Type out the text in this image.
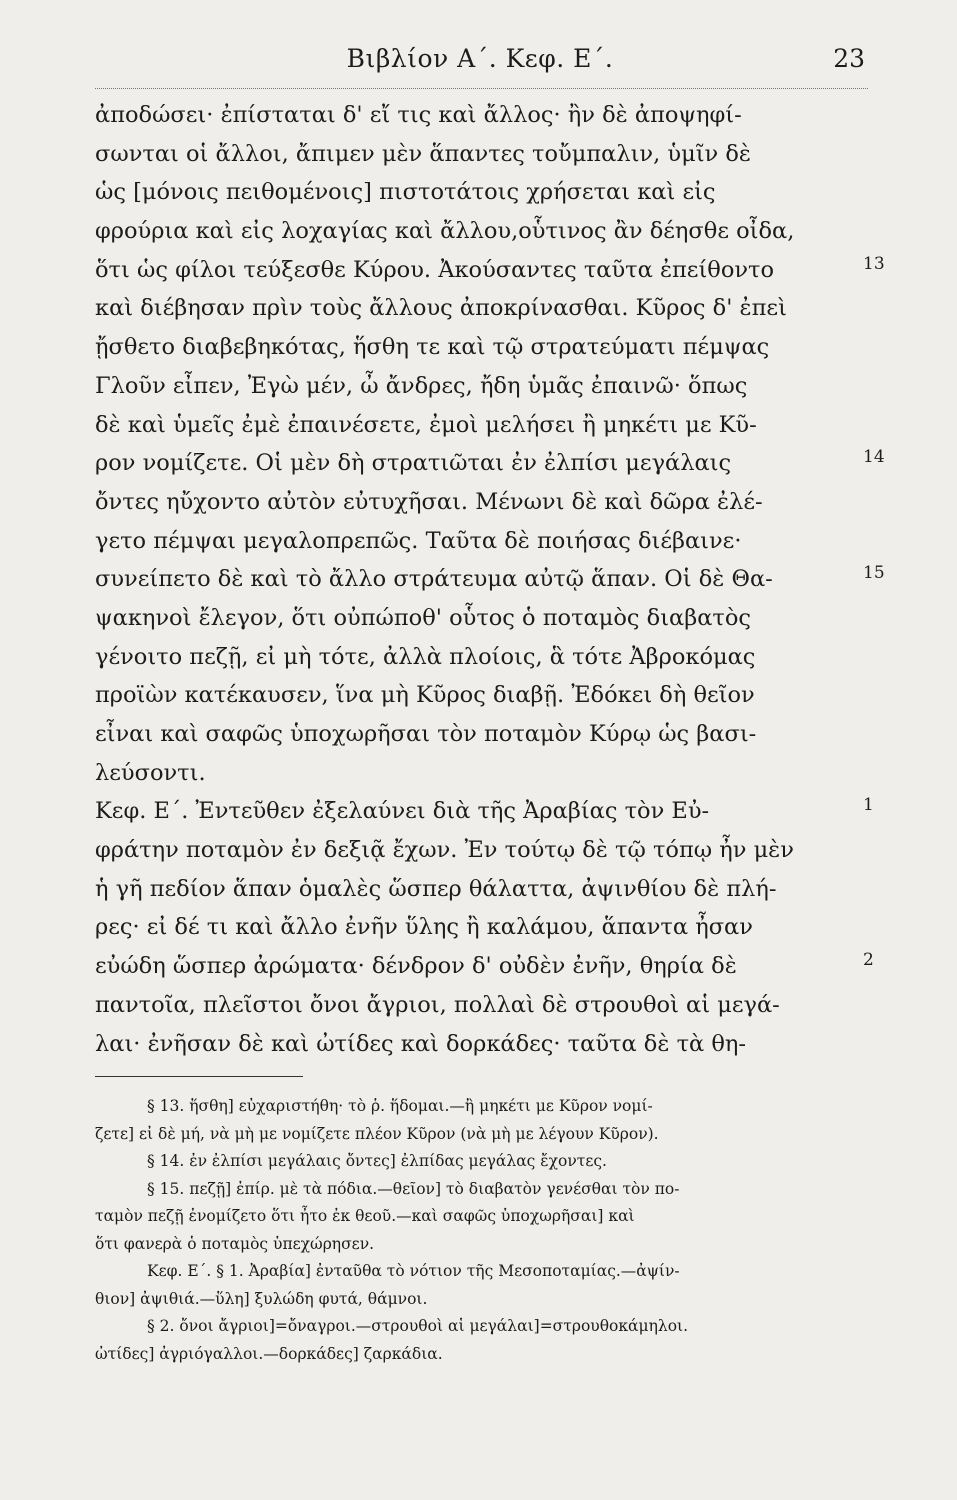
Βιβλίον Α΄. Κεφ. Ε΄.	23
ἀποδώσει· ἐπίσταται δ' εἴ τις καὶ ἄλλος· ἢν δὲ ἀποψηφί-
σωνται οἱ ἄλλοι, ἄπιμεν μὲν ἅπαντες τοὔμπαλιν, ὑμῖν δὲ
ὡς [μόνοις πειθομένοις] πιστοτάτοις χρήσεται καὶ εἰς
φρούρια καὶ εἰς λοχαγίας καὶ ἄλλου,οὗτινος ἂν δέησθε οἶδα,
ὅτι ὡς φίλοι τεύξεσθε Κύρου. Ἀκούσαντες ταῦτα ἐπείθοντο	13
καὶ διέβησαν πρὶν τοὺς ἄλλους ἀποκρίνασθαι. Κῦρος δ' ἐπεὶ
ᾔσθετο διαβεβηκότας, ἥσθη τε καὶ τῷ στρατεύματι πέμψας
Γλοῦν εἶπεν, Ἐγὼ μέν, ὦ ἄνδρες, ἤδη ὑμᾶς ἐπαινῶ· ὅπως
δὲ καὶ ὑμεῖς ἐμὲ ἐπαινέσετε, ἐμοὶ μελήσει ἢ μηκέτι με Κῦ-
ρον νομίζετε. Οἱ μὲν δὴ στρατιῶται ἐν ἐλπίσι μεγάλαις	14
ὄντες ηὔχοντο αὐτὸν εὐτυχῆσαι. Μένωνι δὲ καὶ δῶρα ἐλέ-
γετο πέμψαι μεγαλοπρεπῶς. Ταῦτα δὲ ποιήσας διέβαινε·
συνείπετο δὲ καὶ τὸ ἄλλο στράτευμα αὐτῷ ἅπαν. Οἱ δὲ Θα-	15
ψακηνοὶ ἔλεγον, ὅτι οὐπώποθ' οὗτος ὁ ποταμὸς διαβατὸς
γένοιτο πεζῇ, εἰ μὴ τότε, ἀλλὰ πλοίοις, ἃ τότε Ἀβροκόμας
προϊὼν κατέκαυσεν, ἵνα μὴ Κῦρος διαβῇ. Ἐδόκει δὴ θεῖον
εἶναι καὶ σαφῶς ὑποχωρῆσαι τὸν ποταμὸν Κύρῳ ὡς βασι-
λεύσοντι.
Κεφ. Ε΄. Ἐντεῦθεν ἐξελαύνει διὰ τῆς Ἀραβίας τὸν Εὐ-	1
φράτην ποταμὸν ἐν δεξιᾷ ἔχων. Ἐν τούτῳ δὲ τῷ τόπῳ ἦν μὲν
ἡ γῆ πεδίον ἅπαν ὁμαλὲς ὥσπερ θάλαττα, ἀψινθίου δὲ πλή-
ρες· εἰ δέ τι καὶ ἄλλο ἐνῆν ὕλης ἢ καλάμου, ἅπαντα ἦσαν
εὐώδη ὥσπερ ἀρώματα· δένδρον δ' οὐδὲν ἐνῆν, θηρία δὲ	2
παντοῖα, πλεῖστοι ὄνοι ἄγριοι, πολλαὶ δὲ στρουθοὶ αἱ μεγά-
λαι· ἐνῆσαν δὲ καὶ ὠτίδες καὶ δορκάδες· ταῦτα δὲ τὰ θη-
§ 13. ἥσθη] εὐχαριστήθη· τὸ ῥ. ἥδομαι.—ἢ μηκέτι με Κῦρον νομί-
ζετε] εἰ δὲ μή, νὰ μὴ με νομίζετε πλέον Κῦρον (νὰ μὴ με λέγουν Κῦρον).
§ 14. ἐν ἐλπίσι μεγάλαις ὄντες] ἐλπίδας μεγάλας ἔχοντες.
§ 15. πεζῇ] ἐπίρ. μὲ τὰ πόδια.—θεῖον] τὸ διαβατὸν γενέσθαι τὸν πο-
ταμὸν πεζῇ ἐνομίζετο ὅτι ἦτο ἐκ θεοῦ.—καὶ σαφῶς ὑποχωρῆσαι] καὶ
ὅτι φανερὰ ὁ ποταμὸς ὑπεχώρησεν.
Κεφ. Ε΄. § 1. Ἀραβία] ἐνταῦθα τὸ νότιον τῆς Μεσοποταμίας.—ἀψίν-
θιον] ἀψιθιά.—ὕλη] ξυλώδη φυτά, θάμνοι.
§ 2. ὄνοι ἄγριοι]=ὄναγροι.—στρουθοὶ αἱ μεγάλαι]=στρουθοκάμηλοι.
ὠτίδες] ἀγριόγαλλοι.—δορκάδες] ζαρκάδια.
